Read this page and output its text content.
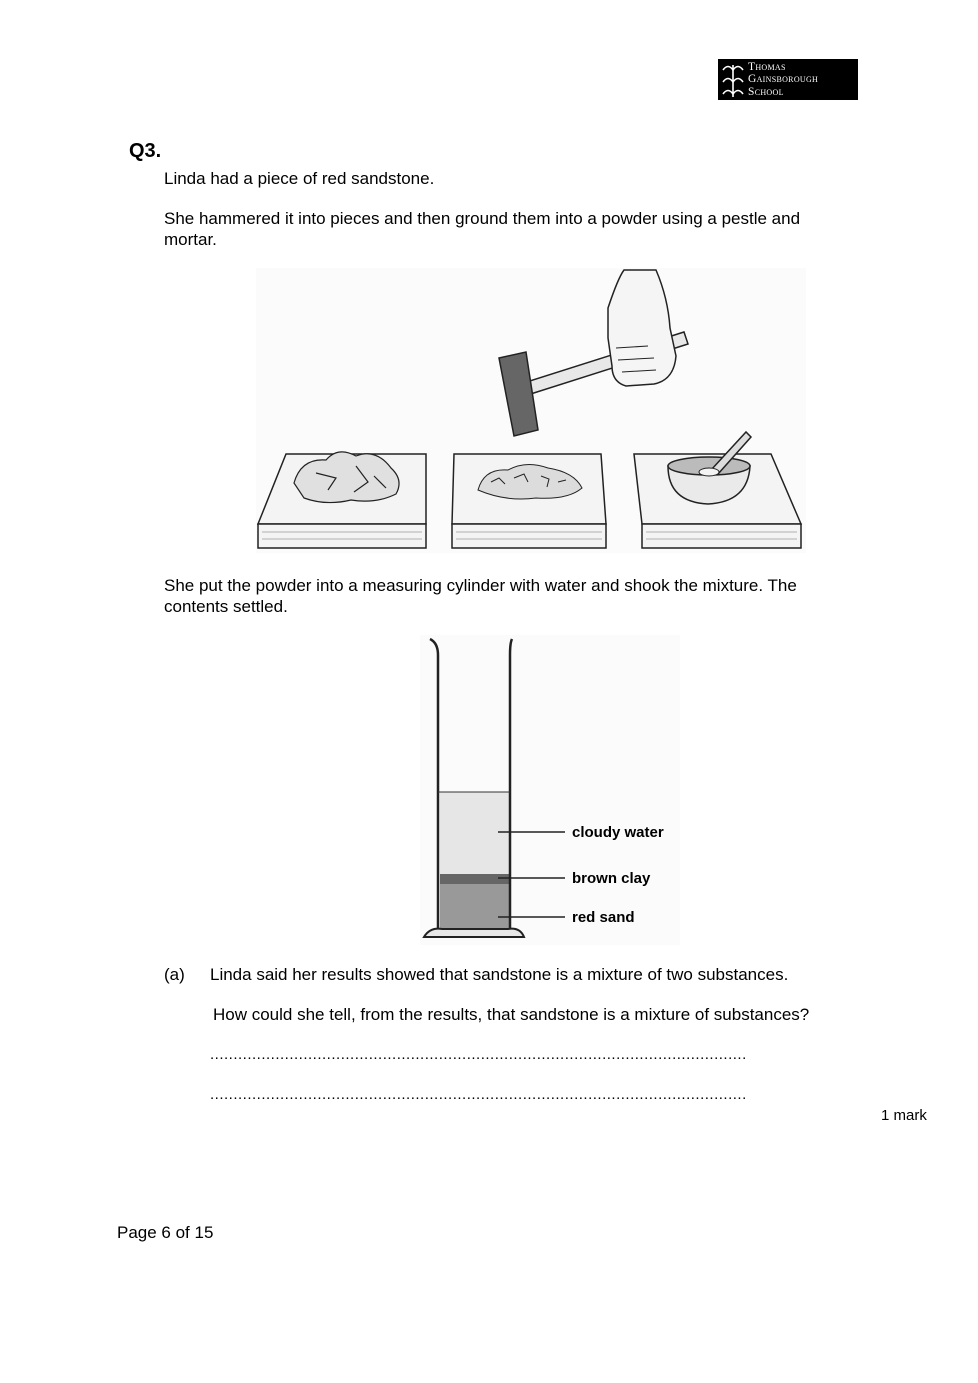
Thomas
Gainsborough
School
Q3.
Linda had a piece of red sandstone.
She hammered it into pieces and then ground them into a powder using a pestle and mortar.
She put the powder into a measuring cylinder with water and shook the mixture. The contents settled.
cloudy water
brown clay
red sand
(a) Linda said her results showed that sandstone is a mixture of two substances.
How could she tell, from the results, that sandstone is a mixture of substances?
...................................................................................................................
...................................................................................................................
1 mark
Page 6 of 15
